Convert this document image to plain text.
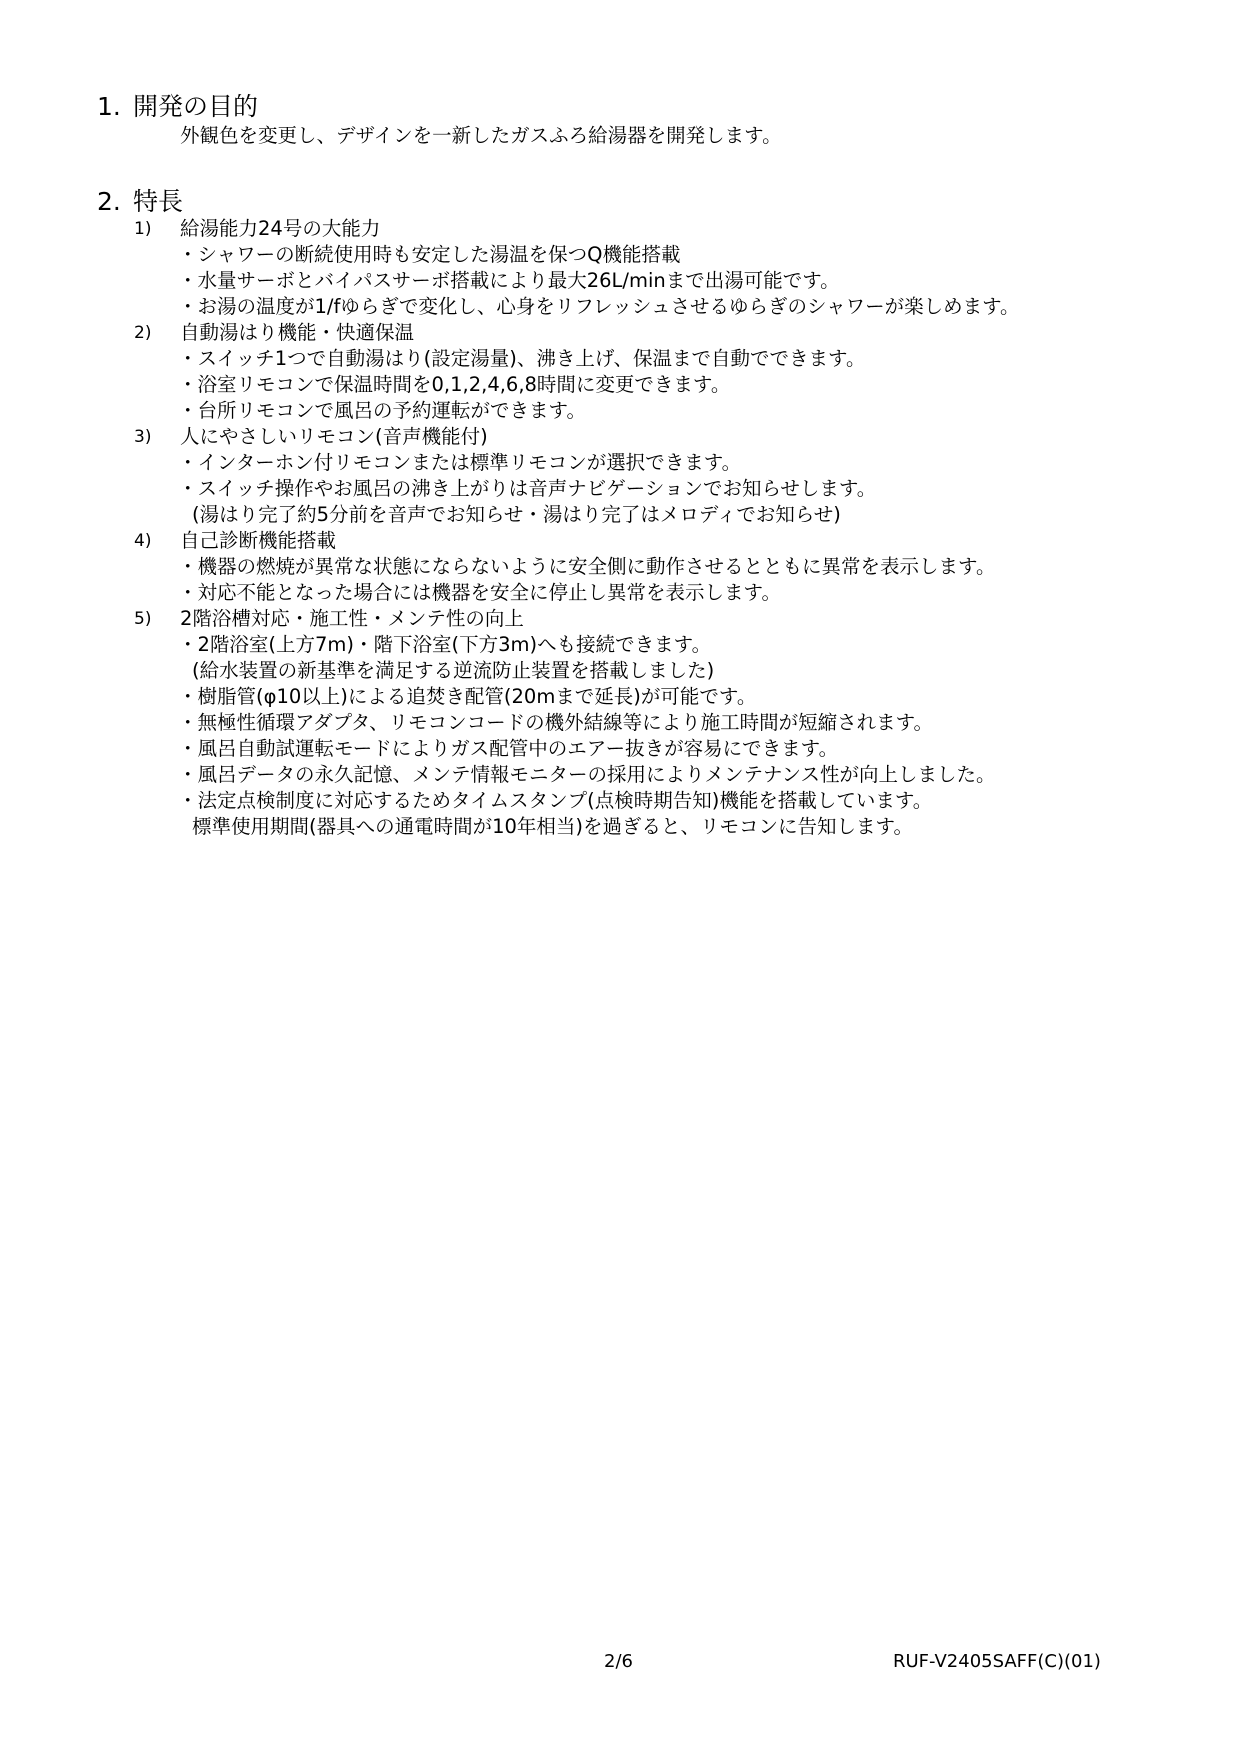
1. 開発の目的
外観色を変更し、デザインを一新したガスふろ給湯器を開発します。
2. 特長
1) 給湯能力24号の大能力
・シャワーの断続使用時も安定した湯温を保つQ機能搭載
・水量サーボとバイパスサーボ搭載により最大26L/minまで出湯可能です。
・お湯の温度が1/fゆらぎで変化し、心身をリフレッシュさせるゆらぎのシャワーが楽しめます。
2) 自動湯はり機能・快適保温
・スイッチ1つで自動湯はり(設定湯量)、沸き上げ、保温まで自動でできます。
・浴室リモコンで保温時間を0,1,2,4,6,8時間に変更できます。
・台所リモコンで風呂の予約運転ができます。
3) 人にやさしいリモコン(音声機能付)
・インターホン付リモコンまたは標準リモコンが選択できます。
・スイッチ操作やお風呂の沸き上がりは音声ナビゲーションでお知らせします。
(湯はり完了約5分前を音声でお知らせ・湯はり完了はメロディでお知らせ)
4) 自己診断機能搭載
・機器の燃焼が異常な状態にならないように安全側に動作させるとともに異常を表示します。
・対応不能となった場合には機器を安全に停止し異常を表示します。
5) 2階浴槽対応・施工性・メンテ性の向上
・2階浴室(上方7m)・階下浴室(下方3m)へも接続できます。
(給水装置の新基準を満足する逆流防止装置を搭載しました)
・樹脂管(φ10以上)による追焚き配管(20mまで延長)が可能です。
・無極性循環アダプタ、リモコンコードの機外結線等により施工時間が短縮されます。
・風呂自動試運転モードによりガス配管中のエアー抜きが容易にできます。
・風呂データの永久記憶、メンテ情報モニターの採用によりメンテナンス性が向上しました。
・法定点検制度に対応するためタイムスタンプ(点検時期告知)機能を搭載しています。
標準使用期間(器具への通電時間が10年相当)を過ぎると、リモコンに告知します。
2/6	RUF-V2405SAFF(C)(01)
